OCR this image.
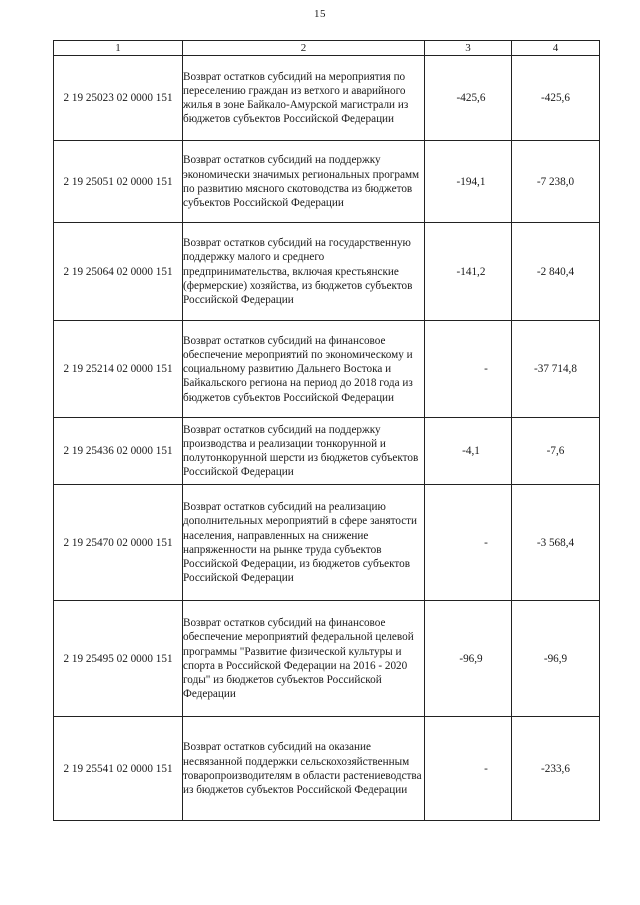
15
1	2	3	4
2 19 25023 02 0000 151	Возврат остатков субсидий на мероприятия по переселению граждан из ветхого и аварийного жилья в зоне Байкало-Амурской магистрали из бюджетов субъектов Российской Федерации	-425,6	-425,6
2 19 25051 02 0000 151	Возврат остатков субсидий на поддержку экономически значимых региональных программ по развитию мясного скотоводства из бюджетов субъектов Российской Федерации	-194,1	-7 238,0
2 19 25064 02 0000 151	Возврат остатков субсидий на государственную поддержку малого и среднего предпринимательства, включая крестьянские (фермерские) хозяйства, из бюджетов субъектов Российской Федерации	-141,2	-2 840,4
2 19 25214 02 0000 151	Возврат остатков субсидий на финансовое обеспечение мероприятий по экономическому и социальному развитию Дальнего Востока и Байкальского региона на период до 2018 года из бюджетов субъектов Российской Федерации	-	-37 714,8
2 19 25436 02 0000 151	Возврат остатков субсидий на поддержку производства и реализации тонкорунной и полутонкорунной шерсти из бюджетов субъектов Российской Федерации	-4,1	-7,6
2 19 25470 02 0000 151	Возврат остатков субсидий на реализацию дополнительных мероприятий в сфере занятости населения, направленных на снижение напряженности на рынке труда субъектов Российской Федерации, из бюджетов субъектов Российской Федерации	-	-3 568,4
2 19 25495 02 0000 151	Возврат остатков субсидий на финансовое обеспечение мероприятий федеральной целевой программы "Развитие физической культуры и спорта в Российской Федерации на 2016 - 2020 годы" из бюджетов субъектов Российской Федерации	-96,9	-96,9
2 19 25541 02 0000 151	Возврат остатков субсидий на оказание несвязанной поддержки сельскохозяйственным товаропроизводителям в области растениеводства из бюджетов субъектов Российской Федерации	-	-233,6
